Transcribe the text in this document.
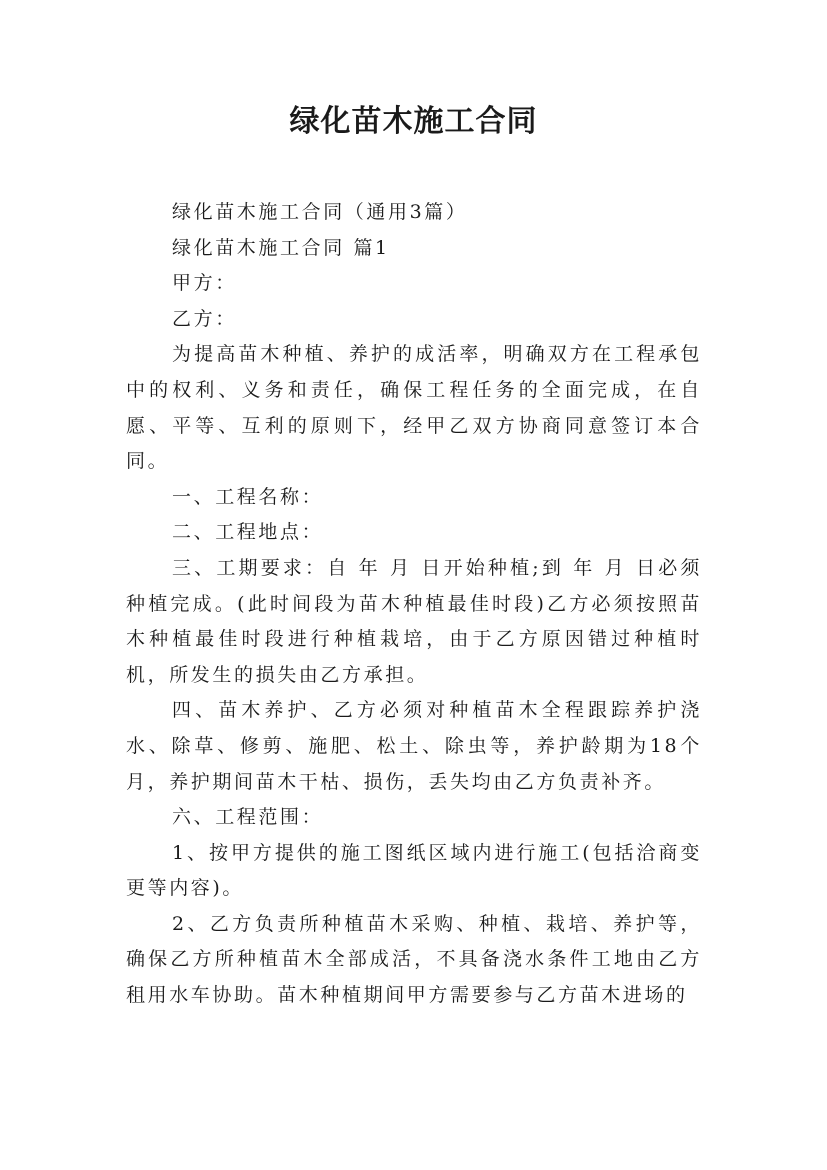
绿化苗木施工合同

绿化苗木施工合同（通用3篇）

绿化苗木施工合同 篇1

甲方：

乙方：

为提高苗木种植、养护的成活率，明确双方在工程承包中的权利、义务和责任，确保工程任务的全面完成，在自愿、平等、互利的原则下，经甲乙双方协商同意签订本合同。

一、工程名称：

二、工程地点：

三、工期要求：自 年 月 日开始种植;到 年 月 日必须种植完成。(此时间段为苗木种植最佳时段)乙方必须按照苗木种植最佳时段进行种植栽培，由于乙方原因错过种植时机，所发生的损失由乙方承担。

四、苗木养护、乙方必须对种植苗木全程跟踪养护浇水、除草、修剪、施肥、松土、除虫等，养护龄期为18个月，养护期间苗木干枯、损伤，丢失均由乙方负责补齐。

六、工程范围：

1、按甲方提供的施工图纸区域内进行施工(包括洽商变更等内容)。

2、乙方负责所种植苗木采购、种植、栽培、养护等，确保乙方所种植苗木全部成活，不具备浇水条件工地由乙方租用水车协助。苗木种植期间甲方需要参与乙方苗木进场的
